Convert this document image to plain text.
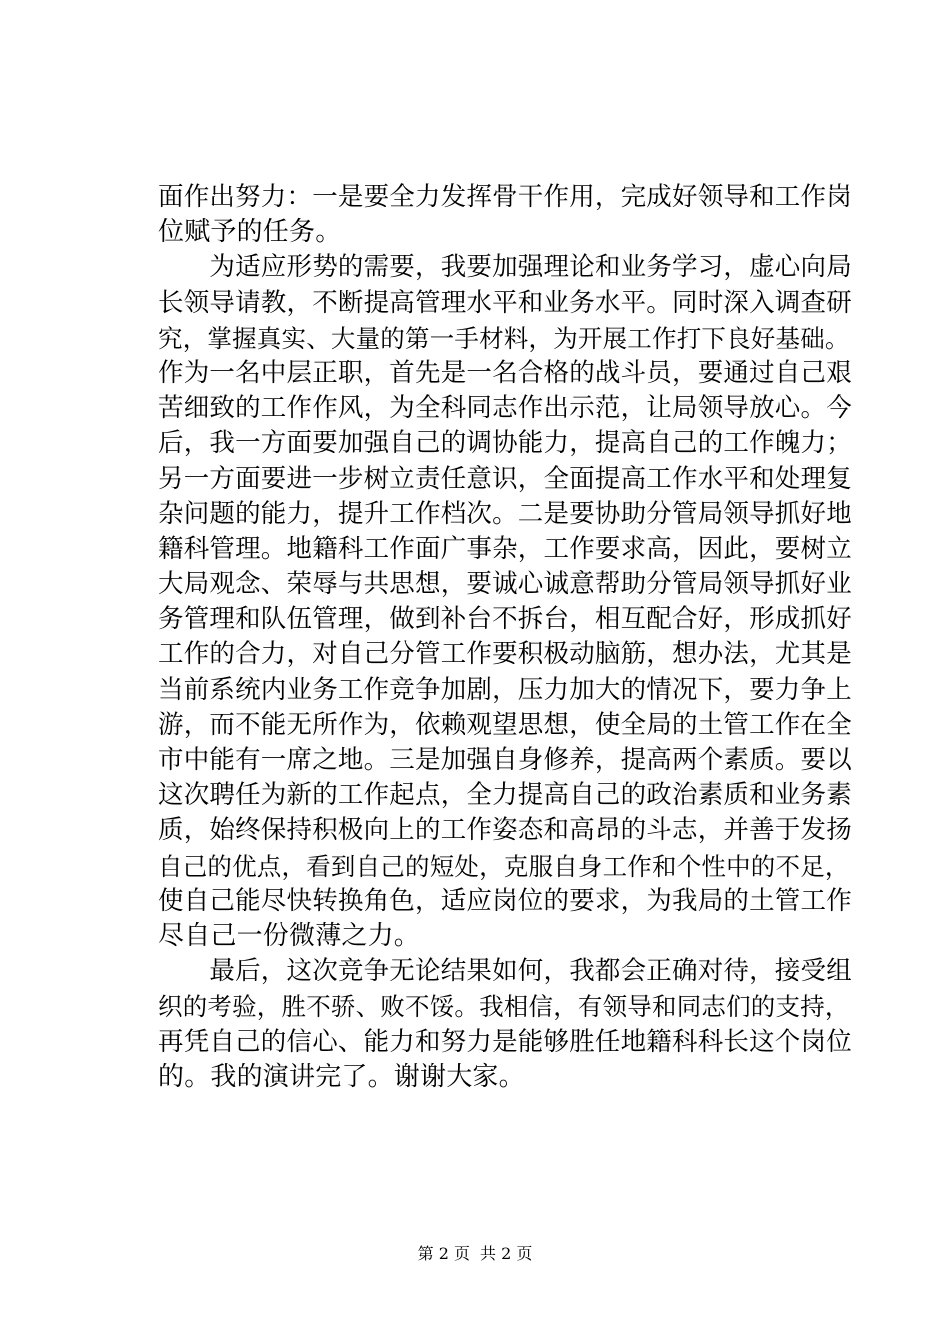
面作出努力：一是要全力发挥骨干作用，完成好领导和工作岗
位赋予的任务。
　　为适应形势的需要，我要加强理论和业务学习，虚心向局
长领导请教，不断提高管理水平和业务水平。同时深入调查研
究，掌握真实、大量的第一手材料，为开展工作打下良好基础。
作为一名中层正职，首先是一名合格的战斗员，要通过自己艰
苦细致的工作作风，为全科同志作出示范，让局领导放心。今
后，我一方面要加强自己的调协能力，提高自己的工作魄力；
另一方面要进一步树立责任意识，全面提高工作水平和处理复
杂问题的能力，提升工作档次。二是要协助分管局领导抓好地
籍科管理。地籍科工作面广事杂，工作要求高，因此，要树立
大局观念、荣辱与共思想，要诚心诚意帮助分管局领导抓好业
务管理和队伍管理，做到补台不拆台，相互配合好，形成抓好
工作的合力，对自己分管工作要积极动脑筋，想办法，尤其是
当前系统内业务工作竞争加剧，压力加大的情况下，要力争上
游，而不能无所作为，依赖观望思想，使全局的土管工作在全
市中能有一席之地。三是加强自身修养，提高两个素质。要以
这次聘任为新的工作起点，全力提高自己的政治素质和业务素
质，始终保持积极向上的工作姿态和高昂的斗志，并善于发扬
自己的优点，看到自己的短处，克服自身工作和个性中的不足，
使自己能尽快转换角色，适应岗位的要求，为我局的土管工作
尽自己一份微薄之力。
　　最后，这次竞争无论结果如何，我都会正确对待，接受组
织的考验，胜不骄、败不馁。我相信，有领导和同志们的支持，
再凭自己的信心、能力和努力是能够胜任地籍科科长这个岗位
的。我的演讲完了。谢谢大家。
第 2 页 共 2 页
